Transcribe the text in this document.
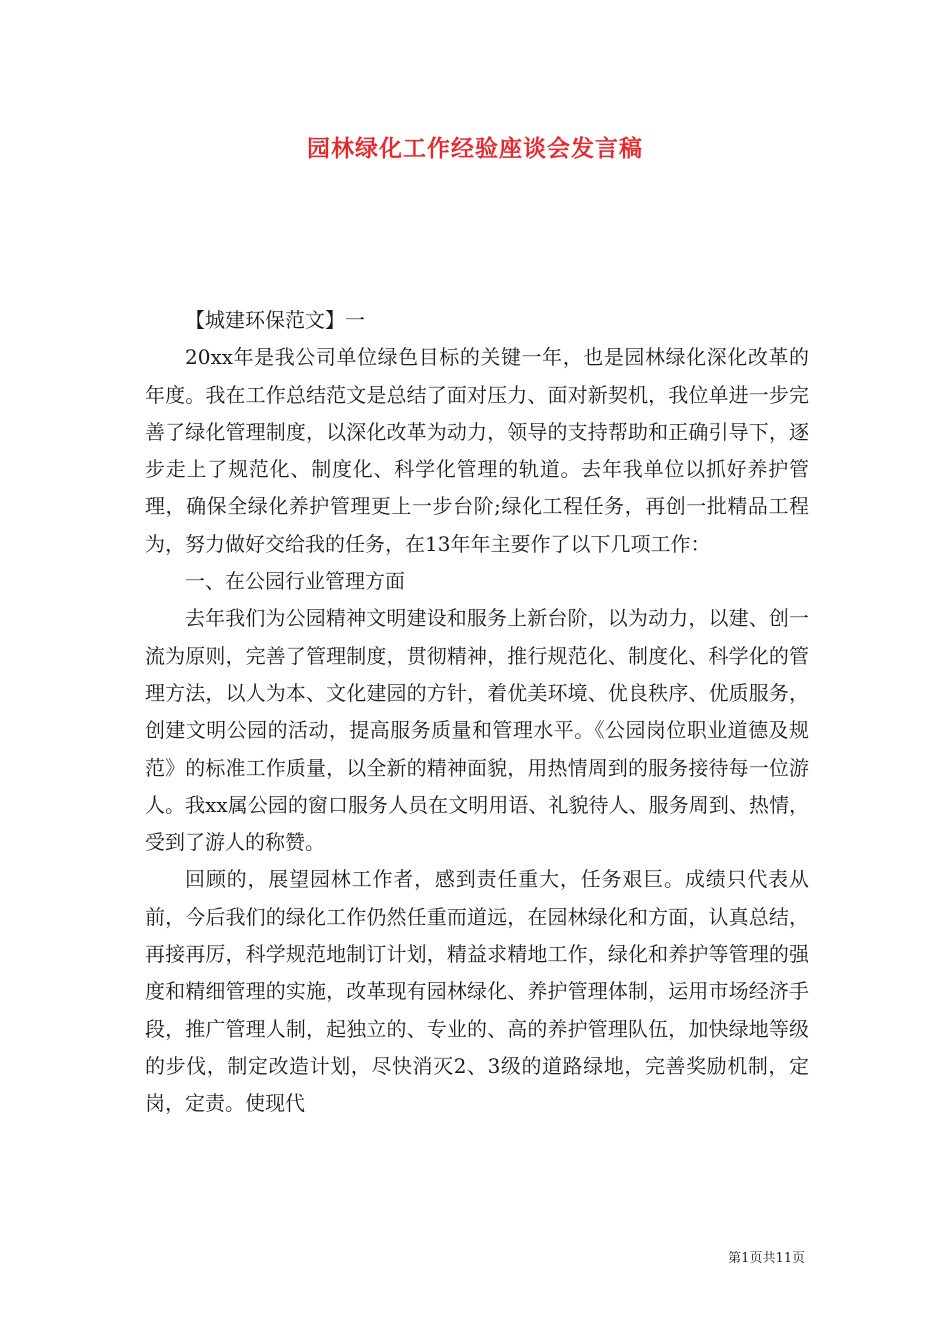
园林绿化工作经验座谈会发言稿

【城建环保范文】一

20xx年是我公司单位绿色目标的关键一年，也是园林绿化深化改革的年度。我在工作总结范文是总结了面对压力、面对新契机，我位单进一步完善了绿化管理制度，以深化改革为动力，领导的支持帮助和正确引导下，逐步走上了规范化、制度化、科学化管理的轨道。去年我单位以抓好养护管理，确保全绿化养护管理更上一步台阶;绿化工程任务，再创一批精品工程为，努力做好交给我的任务，在13年年主要作了以下几项工作：

一、在公园行业管理方面

去年我们为公园精神文明建设和服务上新台阶，以为动力，以建、创一流为原则，完善了管理制度，贯彻精神，推行规范化、制度化、科学化的管理方法，以人为本、文化建园的方针，着优美环境、优良秩序、优质服务，创建文明公园的活动，提高服务质量和管理水平。《公园岗位职业道德及规范》的标准工作质量，以全新的精神面貌，用热情周到的服务接待每一位游人。我xx属公园的窗口服务人员在文明用语、礼貌待人、服务周到、热情，受到了游人的称赞。

回顾的，展望园林工作者，感到责任重大，任务艰巨。成绩只代表从前，今后我们的绿化工作仍然任重而道远，在园林绿化和方面，认真总结，再接再厉，科学规范地制订计划，精益求精地工作，绿化和养护等管理的强度和精细管理的实施，改革现有园林绿化、养护管理体制，运用市场经济手段，推广管理人制，起独立的、专业的、高的养护管理队伍，加快绿地等级的步伐，制定改造计划，尽快消灭2、3级的道路绿地，完善奖励机制，定岗，定责。使现代

第1页共11页
